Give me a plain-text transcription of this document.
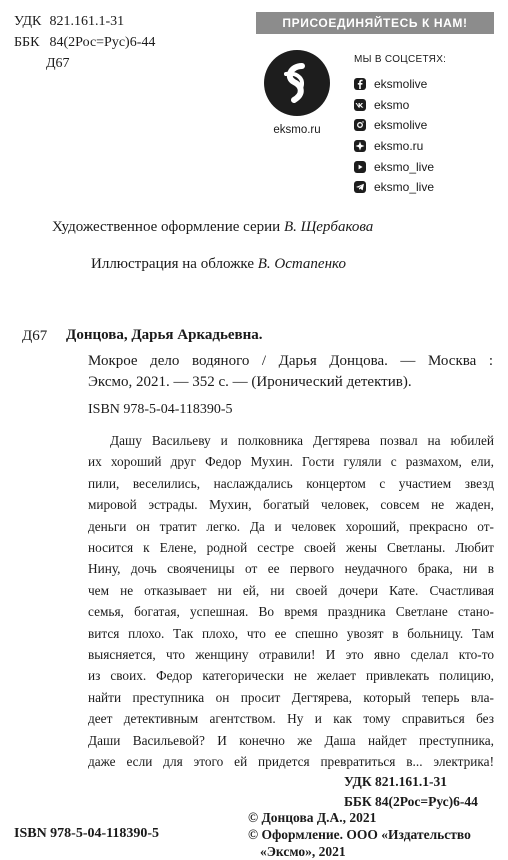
УДК 821.161.1-31
ББК 84(2Рос=Рус)6-44
Д67
ПРИСОЕДИНЯЙТЕСЬ К НАМ!
eksmo.ru
МЫ В СОЦСЕТЯХ:
eksmolive
eksmo
eksmolive
eksmo.ru
eksmo_live
eksmo_live
Художественное оформление серии В. Щербакова
Иллюстрация на обложке В. Остапенко
Д67 Донцова, Дарья Аркадьевна.
Мокрое дело водяного / Дарья Донцова. — Москва :
Эксмо, 2021. — 352 с. — (Иронический детектив).
ISBN 978-5-04-118390-5
Дашу Васильеву и полковника Дегтярева позвал на юбилей
их хороший друг Федор Мухин. Гости гуляли с размахом, ели,
пили, веселились, наслаждались концертом с участием звезд
мировой эстрады. Мухин, богатый человек, совсем не жаден,
деньги он тратит легко. Да и человек хороший, прекрасно от-
носится к Елене, родной сестре своей жены Светланы. Любит
Нину, дочь свояченицы от ее первого неудачного брака, ни в
чем не отказывает ни ей, ни своей дочери Кате. Счастливая
семья, богатая, успешная. Во время праздника Светлане стано-
вится плохо. Так плохо, что ее спешно увозят в больницу. Там
выясняется, что женщину отравили! И это явно сделал кто-то
из своих. Федор категорически не желает привлекать полицию,
найти преступника он просит Дегтярева, который теперь вла-
деет детективным агентством. Ну и как тому справиться без
Даши Васильевой? И конечно же Даша найдет преступника,
даже если для этого ей придется превратиться в... электрика!
УДК 821.161.1-31
ББК 84(2Рос=Рус)6-44
ISBN 978-5-04-118390-5
© Донцова Д.А., 2021
© Оформление. ООО «Издательство
«Эксмо», 2021
